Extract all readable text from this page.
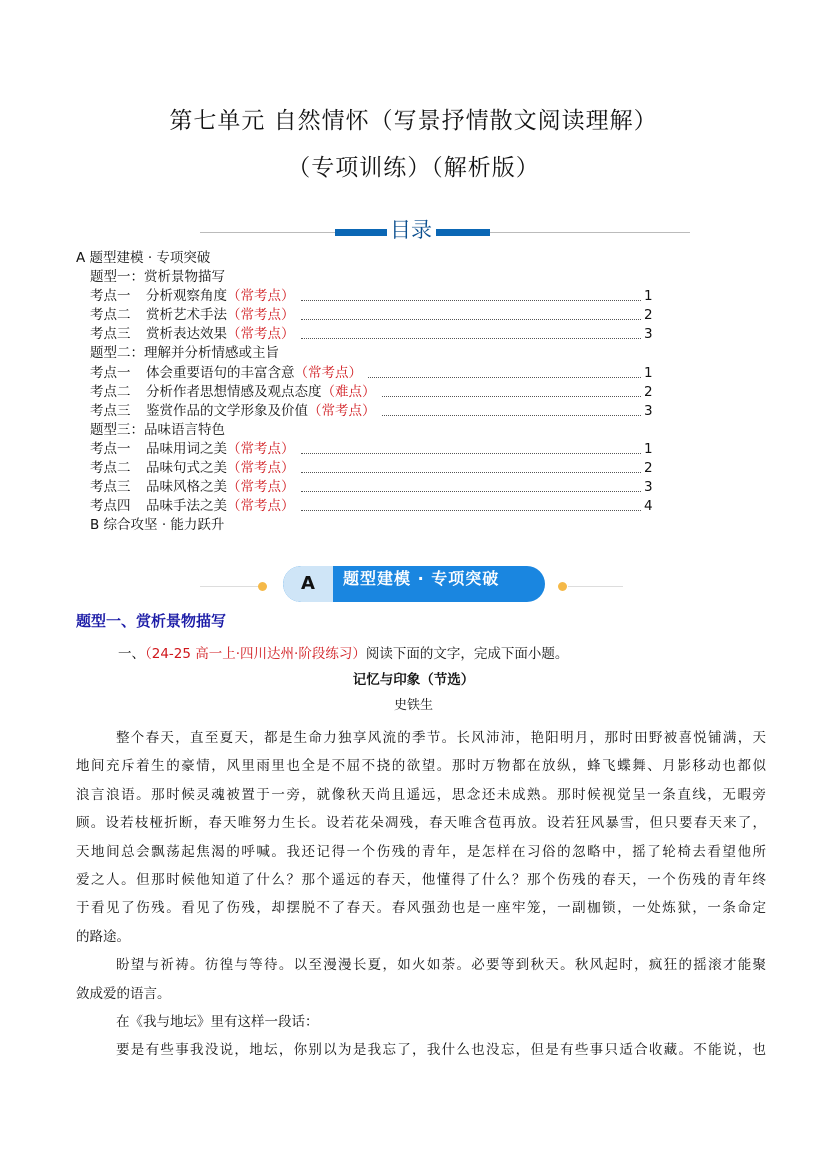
第七单元 自然情怀（写景抒情散文阅读理解）
（专项训练）（解析版）
目录
A 题型建模 · 专项突破
题型一：赏析景物描写
考点一	分析观察角度 （常考点）	1
考点二	赏析艺术手法 （常考点）	2
考点三	赏析表达效果 （常考点）	3
题型二：理解并分析情感或主旨
考点一	体会重要语句的丰富含意 （常考点）	1
考点二	分析作者思想情感及观点态度 （难点）	2
考点三	鉴赏作品的文学形象及价值 （常考点）	3
题型三：品味语言特色
考点一	品味用词之美 （常考点）	1
考点二	品味句式之美 （常考点）	2
考点三	品味风格之美 （常考点）	3
考点四	品味手法之美 （常考点）	4
B 综合攻坚 · 能力跃升
A	题型建模 · 专项突破
题型一、赏析景物描写
一、（24-25 高一上·四川达州·阶段练习）阅读下面的文字，完成下面小题。
记忆与印象（节选）
史铁生
整个春天，直至夏天，都是生命力独享风流的季节。长风沛沛，艳阳明月，那时田野被喜悦铺满，天
地间充斥着生的豪情，风里雨里也全是不屈不挠的欲望。那时万物都在放纵，蜂飞蝶舞、月影移动也都似
浪言浪语。那时候灵魂被置于一旁，就像秋天尚且遥远，思念还未成熟。那时候视觉呈一条直线，无暇旁
顾。设若枝桠折断，春天唯努力生长。设若花朵凋残，春天唯含苞再放。设若狂风暴雪，但只要春天来了，
天地间总会飘荡起焦渴的呼喊。我还记得一个伤残的青年，是怎样在习俗的忽略中，摇了轮椅去看望他所
爱之人。但那时候他知道了什么？那个遥远的春天，他懂得了什么？那个伤残的春天，一个伤残的青年终
于看见了伤残。看见了伤残，却摆脱不了春天。春风强劲也是一座牢笼，一副枷锁，一处炼狱，一条命定
的路途。
盼望与祈祷。彷徨与等待。以至漫漫长夏，如火如荼。必要等到秋天。秋风起时，疯狂的摇滚才能聚
敛成爱的语言。
在《我与地坛》里有这样一段话：
要是有些事我没说，地坛，你别以为是我忘了，我什么也没忘，但是有些事只适合收藏。不能说，也
